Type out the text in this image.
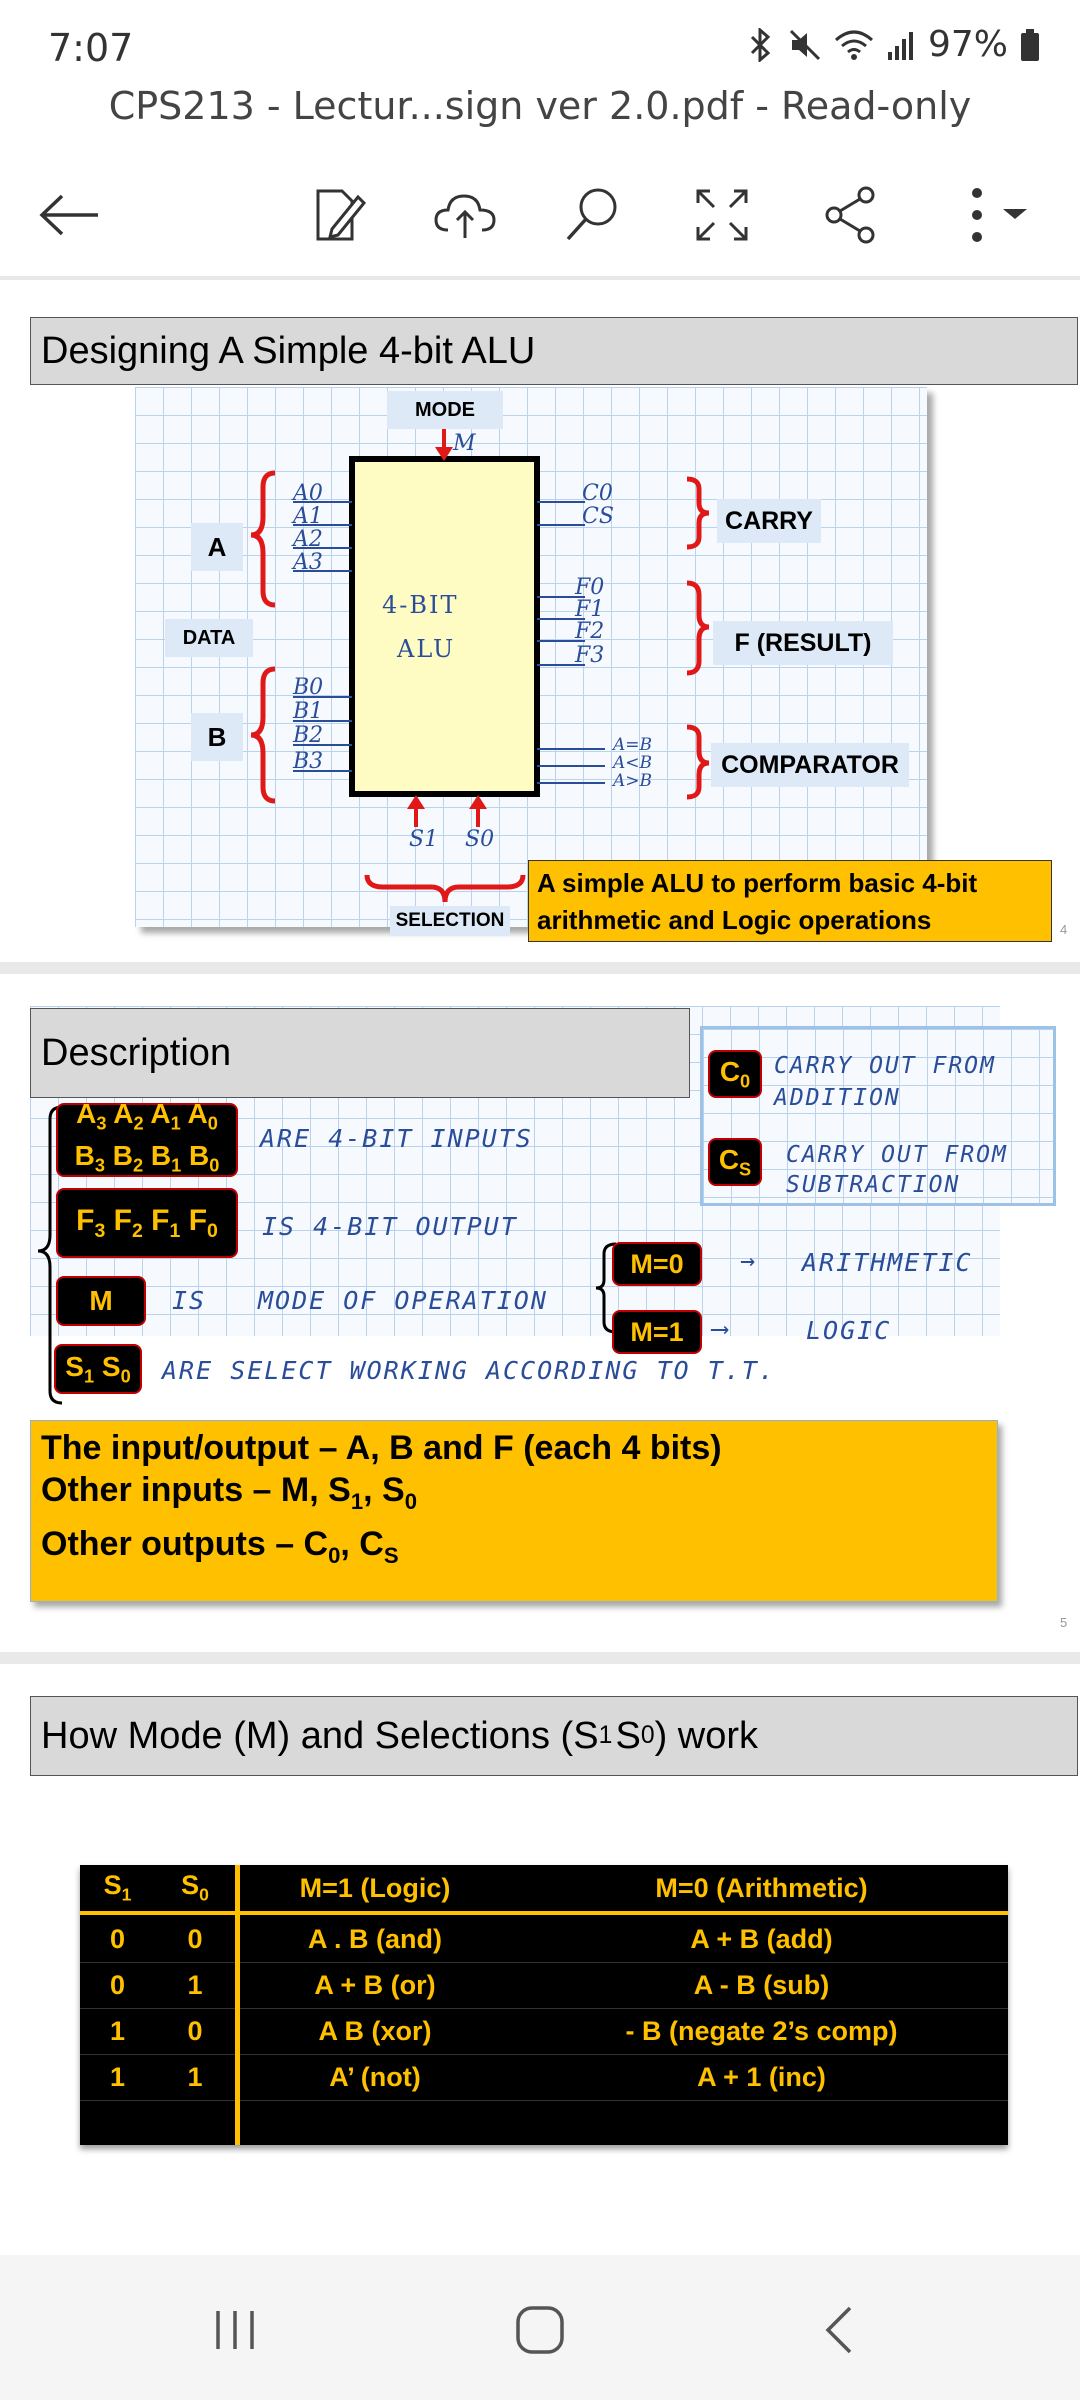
7:07	97%
CPS213 - Lectur...sign ver 2.0.pdf - Read-only
Designing A Simple 4-bit ALU
MODE
M
A
DATA
B
A0
A1
A2
A3
B0
B1
B2
B3
4-BIT
ALU
C0
CS
F0
F1
F2
F3
A=B
A<B
A>B
CARRY
F (RESULT)
COMPARATOR
S1 S0
SELECTION
A simple ALU to perform basic 4-bit arithmetic and Logic operations	4
Description	$C_0$
CARRY OUT FROM ADDITION
$C_S$
CARRY OUT FROM SUBTRACTION
$A_3$ $A_2$ $A_1$ $A_0$
$B_3$ $B_2$ $B_1$ $B_0$
ARE 4-BIT INPUTS
$F_3$ $F_2$ $F_1$ $F_0$ IS 4-BIT OUTPUT
M	IS MODE OF OPERATION
M=0	→ ARITHMETIC
M=1	⟶	LOGIC
$S_1$ $S_0$ ARE SELECT WORKING ACCORDING TO T.T.
The input/output – A, B and F (each 4 bits)
Other inputs – M, $S_1$, $S_0$
Other outputs – $C_0$, $C_S$
5
How Mode (M) and Selections (S 1  S 0 ) work
$S_1$ $S_0$	M=1 (Logic)	M=0 (Arithmetic)
0	0	A . B (and)	A + B (add)
0	1	A + B (or)	A - B (sub)
1	0	A B (xor)	- B (negate 2’s comp)
1	1	A’ (not)	A + 1 (inc)
